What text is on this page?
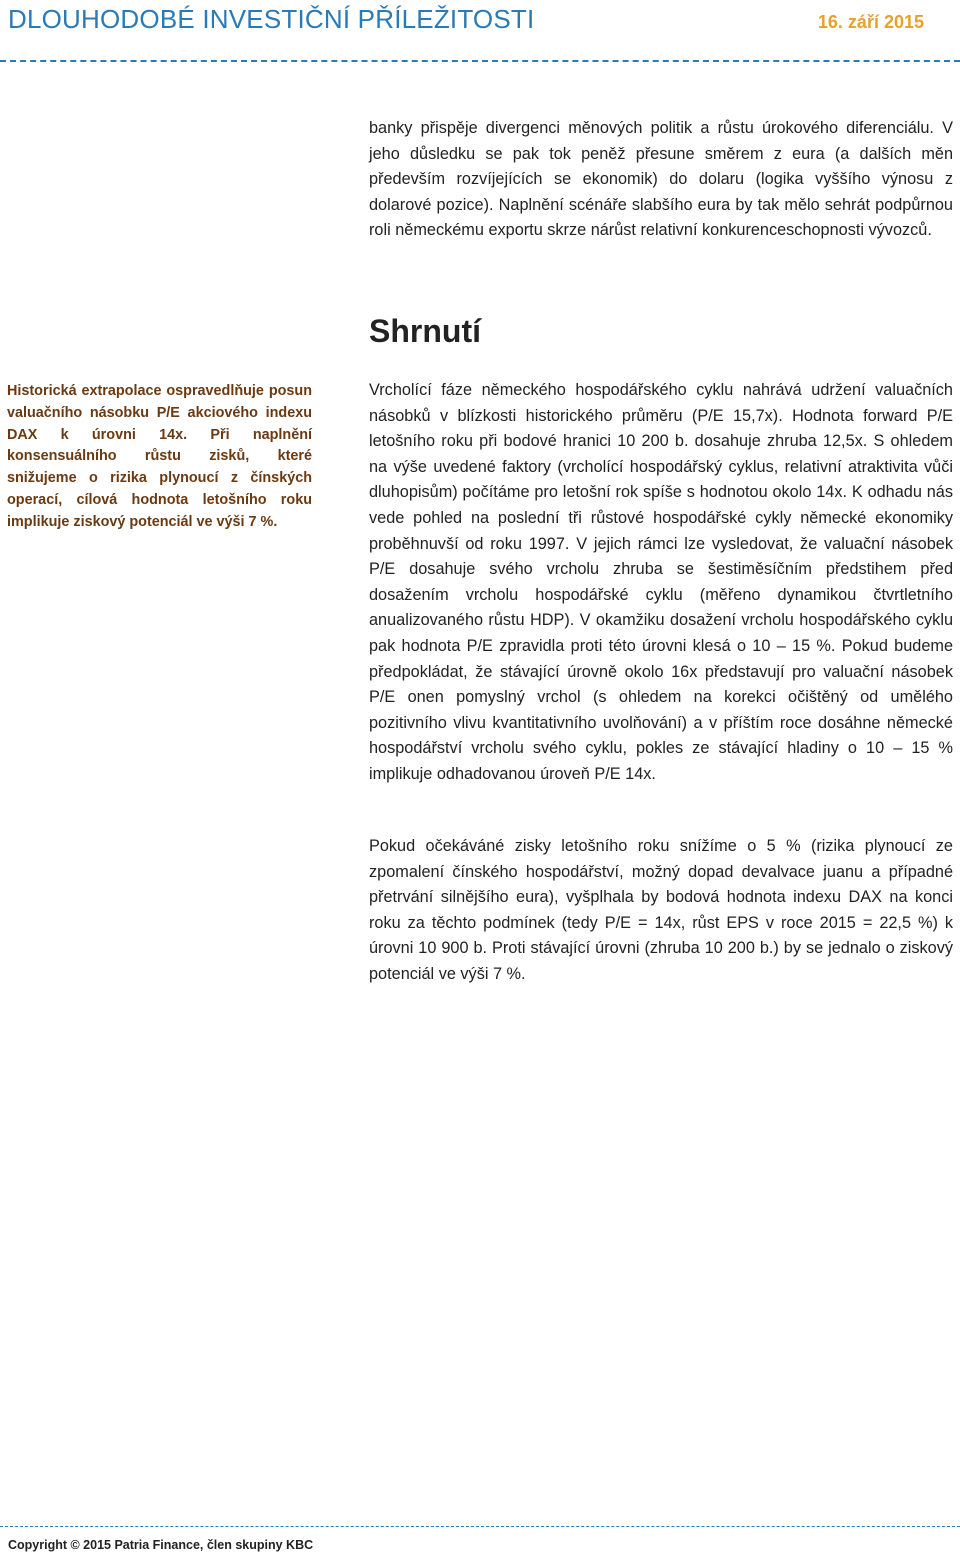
DLOUHODOBÉ INVESTIČNÍ PŘÍLEŽITOSTI	16. září 2015

banky přispěje divergenci měnových politik a růstu úrokového diferenciálu. V jeho důsledku se pak tok peněž přesune směrem z eura (a dalších měn především rozvíjejících se ekonomik) do dolaru (logika vyššího výnosu z dolarové pozice). Naplnění scénáře slabšího eura by tak mělo sehrát podpůrnou roli německému exportu skrze nárůst relativní konkurenceschopnosti vývozců.

Shrnutí

Historická extrapolace ospravedlňuje posun valuačního násobku P/E akciového indexu DAX k úrovni 14x. Při naplnění konsensuálního růstu zisků, které snižujeme o rizika plynoucí z čínských operací, cílová hodnota letošního roku implikuje ziskový potenciál ve výši 7 %.

Vrcholící fáze německého hospodářského cyklu nahrává udržení valuačních násobků v blízkosti historického průměru (P/E 15,7x). Hodnota forward P/E letošního roku při bodové hranici 10 200 b. dosahuje zhruba 12,5x. S ohledem na výše uvedené faktory (vrcholící hospodářský cyklus, relativní atraktivita vůči dluhopisům) počítáme pro letošní rok spíše s hodnotou okolo 14x. K odhadu nás vede pohled na poslední tři růstové hospodářské cykly německé ekonomiky proběhnuvší od roku 1997. V jejich rámci lze vysledovat, že valuační násobek P/E dosahuje svého vrcholu zhruba se šestiměsíčním předstihem před dosažením vrcholu hospodářské cyklu (měřeno dynamikou čtvrtletního anualizovaného růstu HDP). V okamžiku dosažení vrcholu hospodářského cyklu pak hodnota P/E zpravidla proti této úrovni klesá o 10 – 15 %. Pokud budeme předpokládat, že stávající úrovně okolo 16x představují pro valuační násobek P/E onen pomyslný vrchol (s ohledem na korekci očištěný od umělého pozitivního vlivu kvantitativního uvolňování) a v příštím roce dosáhne německé hospodářství vrcholu svého cyklu, pokles ze stávající hladiny o 10 – 15 % implikuje odhadovanou úroveň P/E 14x.

Pokud očekáváné zisky letošního roku snížíme o 5 % (rizika plynoucí ze zpomalení čínského hospodářství, možný dopad devalvace juanu a případné přetrvání silnějšího eura), vyšplhala by bodová hodnota indexu DAX na konci roku za těchto podmínek (tedy P/E = 14x, růst EPS v roce 2015 = 22,5 %) k úrovni 10 900 b. Proti stávající úrovni (zhruba 10 200 b.) by se jednalo o ziskový potenciál ve výši 7 %.

Copyright © 2015 Patria Finance, člen skupiny KBC
